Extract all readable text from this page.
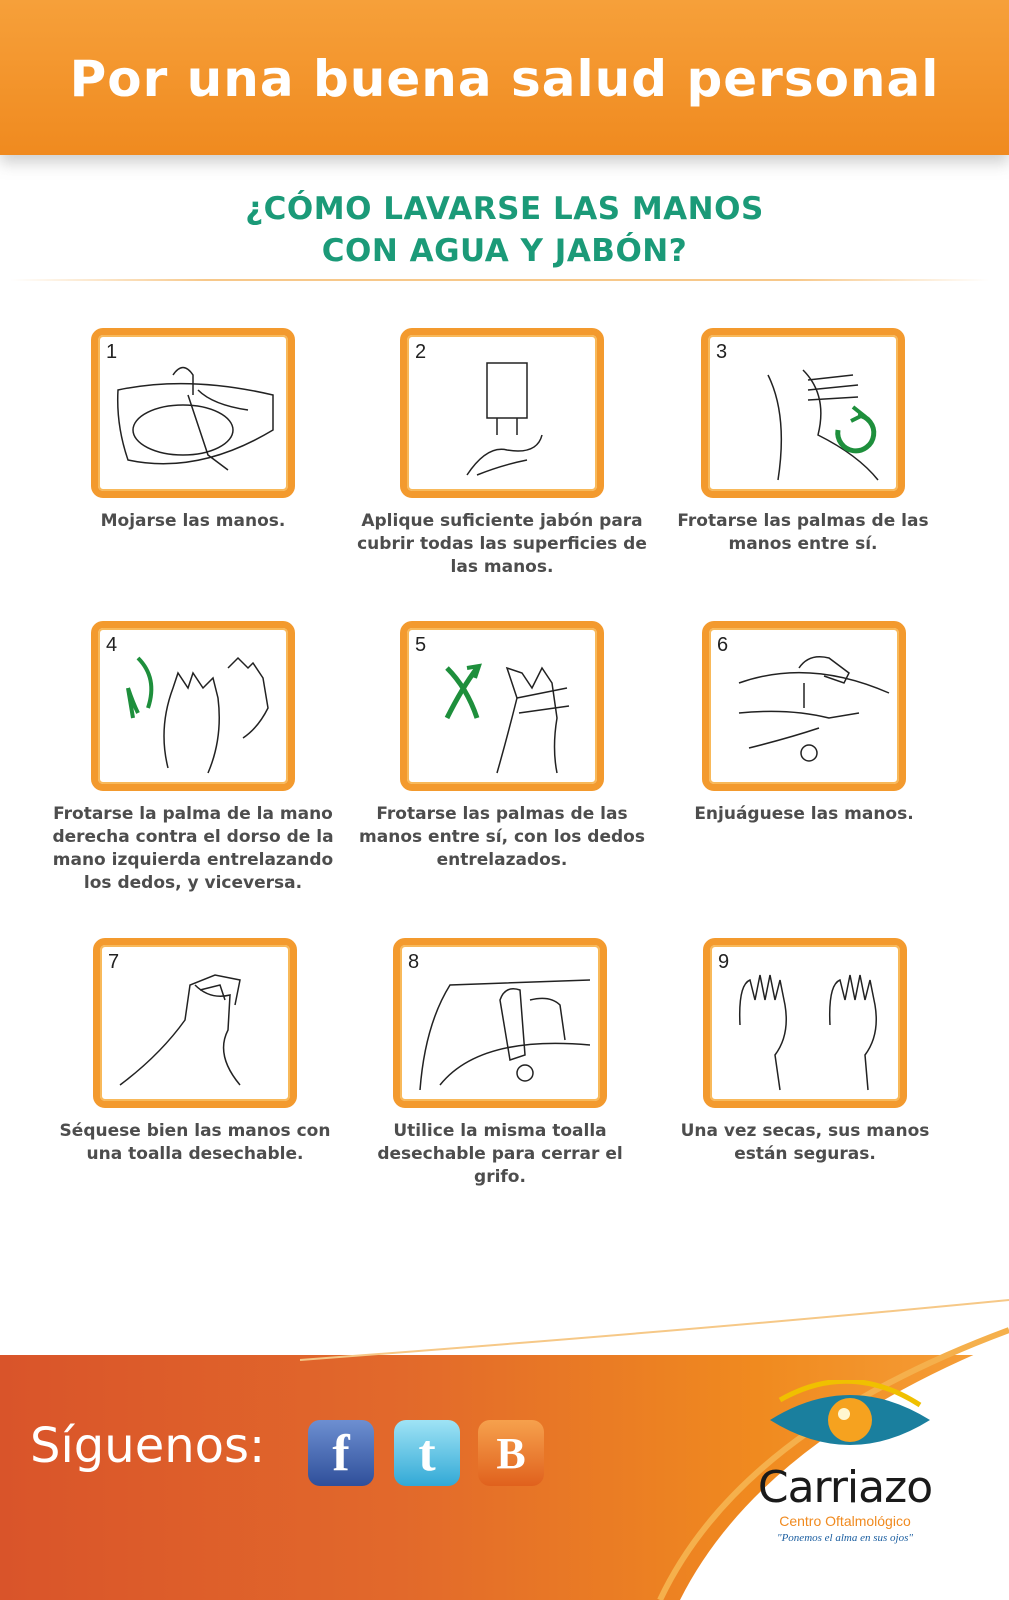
Por una buena salud personal
¿CÓMO LAVARSE LAS MANOS
CON AGUA Y JABÓN?
1
Mojarse las manos.
2
Aplique suficiente jabón para cubrir todas las superficies de las manos.
3
Frotarse las palmas de las manos entre sí.
4
Frotarse la palma de la mano derecha contra el dorso de la mano izquierda entrelazando los dedos, y viceversa.
5
Frotarse las palmas de las manos entre sí, con los dedos entrelazados.
6
Enjuáguese las manos.
7
Séquese bien las manos con una toalla desechable.
8
Utilice la misma toalla desechable para cerrar el grifo.
9
Una vez secas, sus manos están seguras.
Síguenos:	f	t	B
Carriazo
Centro Oftalmológico
"Ponemos el alma en sus ojos"
